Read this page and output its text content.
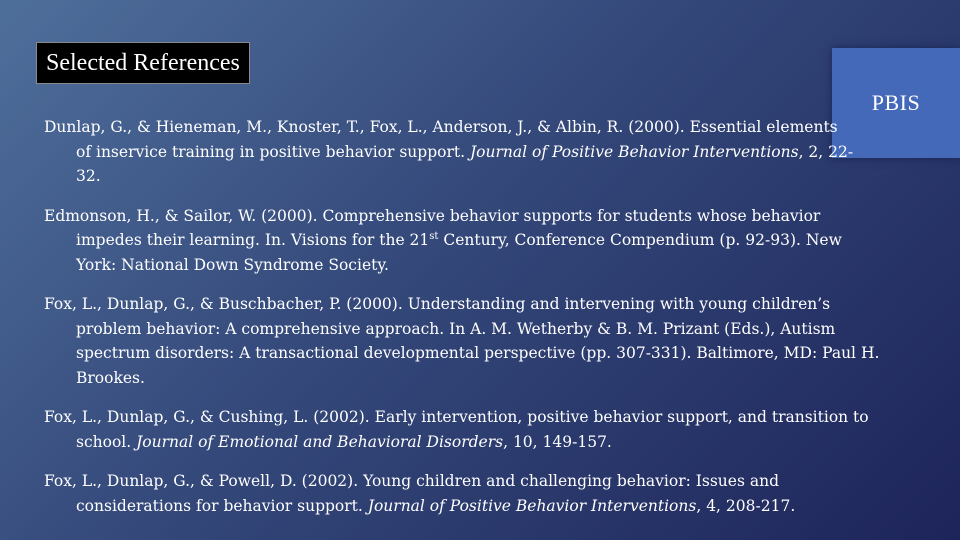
Selected References
PBIS
Dunlap, G., & Hieneman, M., Knoster, T., Fox, L., Anderson, J., & Albin, R. (2000). Essential elements of inservice training in positive behavior support. Journal of Positive Behavior Interventions, 2, 22-32.
Edmonson, H., & Sailor, W. (2000). Comprehensive behavior supports for students whose behavior impedes their learning. In. Visions for the 21st Century, Conference Compendium (p. 92-93). New York: National Down Syndrome Society.
Fox, L., Dunlap, G., & Buschbacher, P. (2000). Understanding and intervening with young children’s problem behavior: A comprehensive approach. In A. M. Wetherby & B. M. Prizant (Eds.), Autism spectrum disorders: A transactional developmental perspective (pp. 307-331). Baltimore, MD: Paul H. Brookes.
Fox, L., Dunlap, G., & Cushing, L. (2002). Early intervention, positive behavior support, and transition to school. Journal of Emotional and Behavioral Disorders, 10, 149-157.
Fox, L., Dunlap, G., & Powell, D. (2002). Young children and challenging behavior: Issues and considerations for behavior support. Journal of Positive Behavior Interventions, 4, 208-217.
